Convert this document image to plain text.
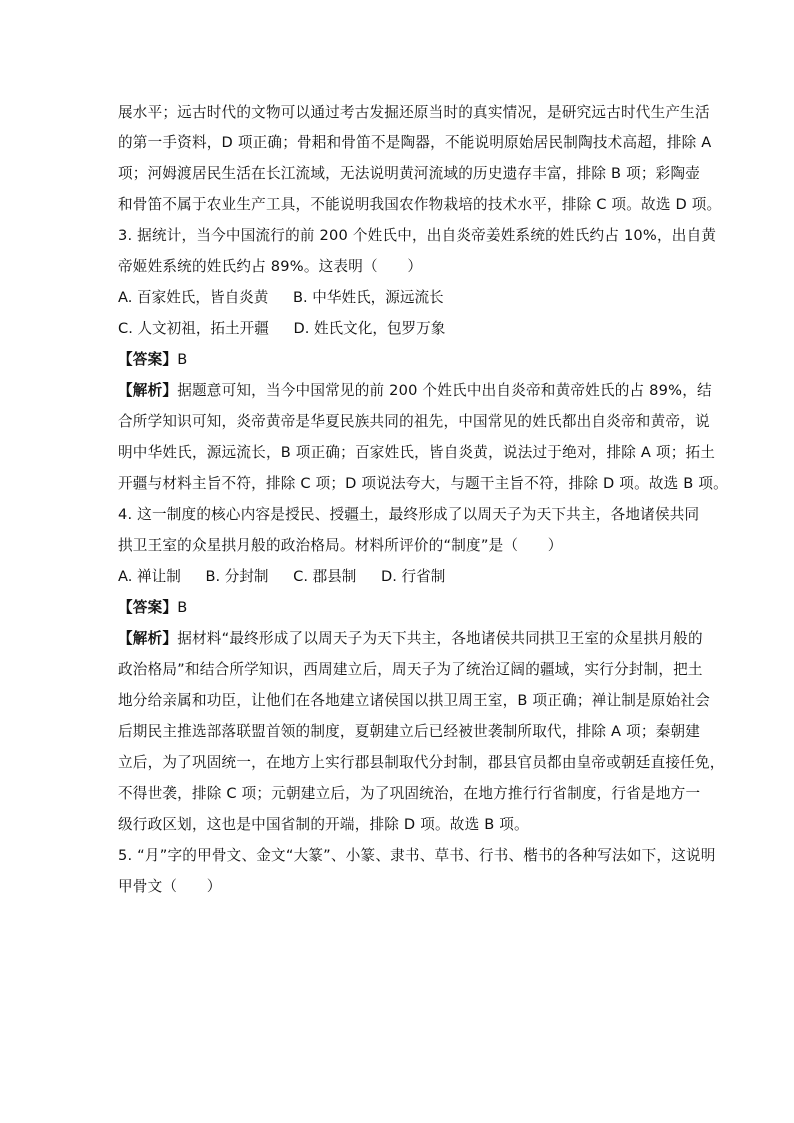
展水平；远古时代的文物可以通过考古发掘还原当时的真实情况，是研究远古时代生产生活
的第一手资料，D 项正确；骨耜和骨笛不是陶器，不能说明原始居民制陶技术高超，排除 A
项；河姆渡居民生活在长江流域，无法说明黄河流域的历史遗存丰富，排除 B 项；彩陶壶
和骨笛不属于农业生产工具，不能说明我国农作物栽培的技术水平，排除 C 项。故选 D 项。
3. 据统计，当今中国流行的前 200 个姓氏中，出自炎帝姜姓系统的姓氏约占 10%，出自黄
帝姬姓系统的姓氏约占 89%。这表明（　　）
A. 百家姓氏，皆自炎黄 B. 中华姓氏，源远流长
C. 人文初祖，拓土开疆 D. 姓氏文化，包罗万象
【答案】B
【解析】据题意可知，当今中国常见的前 200 个姓氏中出自炎帝和黄帝姓氏的占 89%，结
合所学知识可知，炎帝黄帝是华夏民族共同的祖先，中国常见的姓氏都出自炎帝和黄帝，说
明中华姓氏，源远流长，B 项正确；百家姓氏，皆自炎黄，说法过于绝对，排除 A 项；拓土
开疆与材料主旨不符，排除 C 项；D 项说法夸大，与题干主旨不符，排除 D 项。故选 B 项。
4. 这一制度的核心内容是授民、授疆土，最终形成了以周天子为天下共主，各地诸侯共同
拱卫王室的众星拱月般的政治格局。材料所评价的“制度”是（　　）
A. 禅让制 B. 分封制 C. 郡县制 D. 行省制
【答案】B
【解析】据材料“最终形成了以周天子为天下共主，各地诸侯共同拱卫王室的众星拱月般的
政治格局”和结合所学知识，西周建立后，周天子为了统治辽阔的疆域，实行分封制，把土
地分给亲属和功臣，让他们在各地建立诸侯国以拱卫周王室，B 项正确；禅让制是原始社会
后期民主推选部落联盟首领的制度，夏朝建立后已经被世袭制所取代，排除 A 项；秦朝建
立后，为了巩固统一，在地方上实行郡县制取代分封制，郡县官员都由皇帝或朝廷直接任免，
不得世袭，排除 C 项；元朝建立后，为了巩固统治，在地方推行行省制度，行省是地方一
级行政区划，这也是中国省制的开端，排除 D 项。故选 B 项。
5. “月”字的甲骨文、金文“大篆”、小篆、隶书、草书、行书、楷书的各种写法如下，这说明
甲骨文（　　）
